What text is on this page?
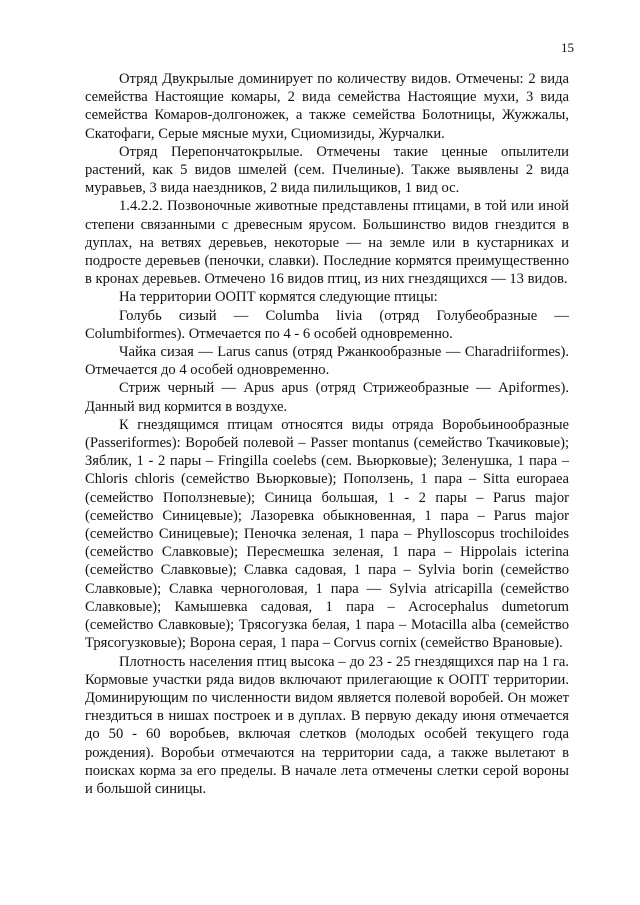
15

Отряд Двукрылые доминирует по количеству видов. Отмечены: 2 вида семейства Настоящие комары, 2 вида семейства Настоящие мухи, 3 вида семейства Комаров-долгоножек, а также семейства Болотницы, Жужжалы, Скатофаги, Серые мясные мухи, Сциомизиды, Журчалки.

Отряд Перепончатокрылые. Отмечены такие ценные опылители растений, как 5 видов шмелей (сем. Пчелиные). Также выявлены 2 вида муравьев, 3 вида наездников, 2 вида пилильщиков, 1 вид ос.

1.4.2.2. Позвоночные животные представлены птицами, в той или иной степени связанными с древесным ярусом. Большинство видов гнездится в дуплах, на ветвях деревьев, некоторые — на земле или в кустарниках и подросте деревьев (пеночки, славки). Последние кормятся преимущественно в кронах деревьев. Отмечено 16 видов птиц, из них гнездящихся — 13 видов.

На территории ООПТ кормятся следующие птицы:

Голубь сизый — Columba livia (отряд Голубеобразные — Columbiformes). Отмечается по 4 - 6 особей одновременно.

Чайка сизая — Larus canus (отряд Ржанкообразные — Charadriiformes). Отмечается до 4 особей одновременно.

Стриж черный — Apus apus (отряд Стрижеобразные — Apiformes). Данный вид кормится в воздухе.

К гнездящимся птицам относятся виды отряда Воробьинообразные (Passeriformes): Воробей полевой – Passer montanus (семейство Ткачиковые); Зяблик, 1 - 2 пары – Fringilla coelebs (сем. Вьюрковые); Зеленушка, 1 пара – Chloris chloris (семейство Вьюрковые); Поползень, 1 пара – Sitta europaea (семейство Поползневые); Синица большая, 1 - 2 пары – Parus major (семейство Синицевые); Лазоревка обыкновенная, 1 пара – Parus major (семейство Синицевые); Пеночка зеленая, 1 пара – Phylloscopus trochiloides (семейство Славковые); Пересмешка зеленая, 1 пара – Hippolais icterina (семейство Славковые); Славка садовая, 1 пара – Sylvia borin (семейство Славковые); Славка черноголовая, 1 пара — Sylvia atricapilla (семейство Славковые); Камышевка садовая, 1 пара – Acrocephalus dumetorum (семейство Славковые); Трясогузка белая, 1 пара – Motacilla alba (семейство Трясогузковые); Ворона серая, 1 пара – Corvus cornix (семейство Врановые).

Плотность населения птиц высока – до 23 - 25 гнездящихся пар на 1 га. Кормовые участки ряда видов включают прилегающие к ООПТ территории. Доминирующим по численности видом является полевой воробей. Он может гнездиться в нишах построек и в дуплах. В первую декаду июня отмечается до 50 - 60 воробьев, включая слетков (молодых особей текущего года рождения). Воробьи отмечаются на территории сада, а также вылетают в поисках корма за его пределы. В начале лета отмечены слетки серой вороны и большой синицы.
